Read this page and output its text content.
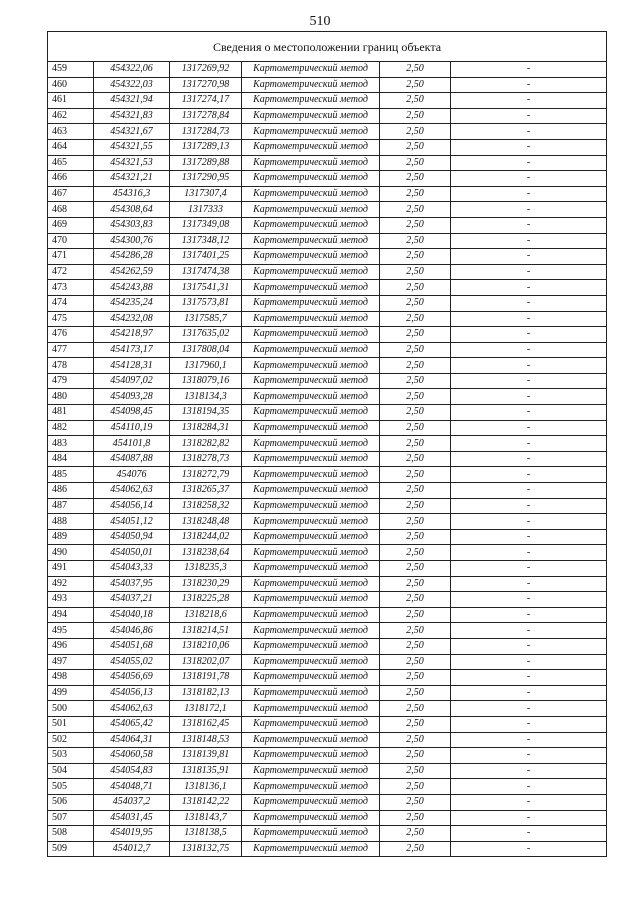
510
Сведения о местоположении границ объекта					
459	454322,06	1317269,92	Картометрический метод	2,50	-
460	454322,03	1317270,98	Картометрический метод	2,50	-
461	454321,94	1317274,17	Картометрический метод	2,50	-
462	454321,83	1317278,84	Картометрический метод	2,50	-
463	454321,67	1317284,73	Картометрический метод	2,50	-
464	454321,55	1317289,13	Картометрический метод	2,50	-
465	454321,53	1317289,88	Картометрический метод	2,50	-
466	454321,21	1317290,95	Картометрический метод	2,50	-
467	454316,3	1317307,4	Картометрический метод	2,50	-
468	454308,64	1317333	Картометрический метод	2,50	-
469	454303,83	1317349,08	Картометрический метод	2,50	-
470	454300,76	1317348,12	Картометрический метод	2,50	-
471	454286,28	1317401,25	Картометрический метод	2,50	-
472	454262,59	1317474,38	Картометрический метод	2,50	-
473	454243,88	1317541,31	Картометрический метод	2,50	-
474	454235,24	1317573,81	Картометрический метод	2,50	-
475	454232,08	1317585,7	Картометрический метод	2,50	-
476	454218,97	1317635,02	Картометрический метод	2,50	-
477	454173,17	1317808,04	Картометрический метод	2,50	-
478	454128,31	1317960,1	Картометрический метод	2,50	-
479	454097,02	1318079,16	Картометрический метод	2,50	-
480	454093,28	1318134,3	Картометрический метод	2,50	-
481	454098,45	1318194,35	Картометрический метод	2,50	-
482	454110,19	1318284,31	Картометрический метод	2,50	-
483	454101,8	1318282,82	Картометрический метод	2,50	-
484	454087,88	1318278,73	Картометрический метод	2,50	-
485	454076	1318272,79	Картометрический метод	2,50	-
486	454062,63	1318265,37	Картометрический метод	2,50	-
487	454056,14	1318258,32	Картометрический метод	2,50	-
488	454051,12	1318248,48	Картометрический метод	2,50	-
489	454050,94	1318244,02	Картометрический метод	2,50	-
490	454050,01	1318238,64	Картометрический метод	2,50	-
491	454043,33	1318235,3	Картометрический метод	2,50	-
492	454037,95	1318230,29	Картометрический метод	2,50	-
493	454037,21	1318225,28	Картометрический метод	2,50	-
494	454040,18	1318218,6	Картометрический метод	2,50	-
495	454046,86	1318214,51	Картометрический метод	2,50	-
496	454051,68	1318210,06	Картометрический метод	2,50	-
497	454055,02	1318202,07	Картометрический метод	2,50	-
498	454056,69	1318191,78	Картометрический метод	2,50	-
499	454056,13	1318182,13	Картометрический метод	2,50	-
500	454062,63	1318172,1	Картометрический метод	2,50	-
501	454065,42	1318162,45	Картометрический метод	2,50	-
502	454064,31	1318148,53	Картометрический метод	2,50	-
503	454060,58	1318139,81	Картометрический метод	2,50	-
504	454054,83	1318135,91	Картометрический метод	2,50	-
505	454048,71	1318136,1	Картометрический метод	2,50	-
506	454037,2	1318142,22	Картометрический метод	2,50	-
507	454031,45	1318143,7	Картометрический метод	2,50	-
508	454019,95	1318138,5	Картометрический метод	2,50	-
509	454012,7	1318132,75	Картометрический метод	2,50	-
